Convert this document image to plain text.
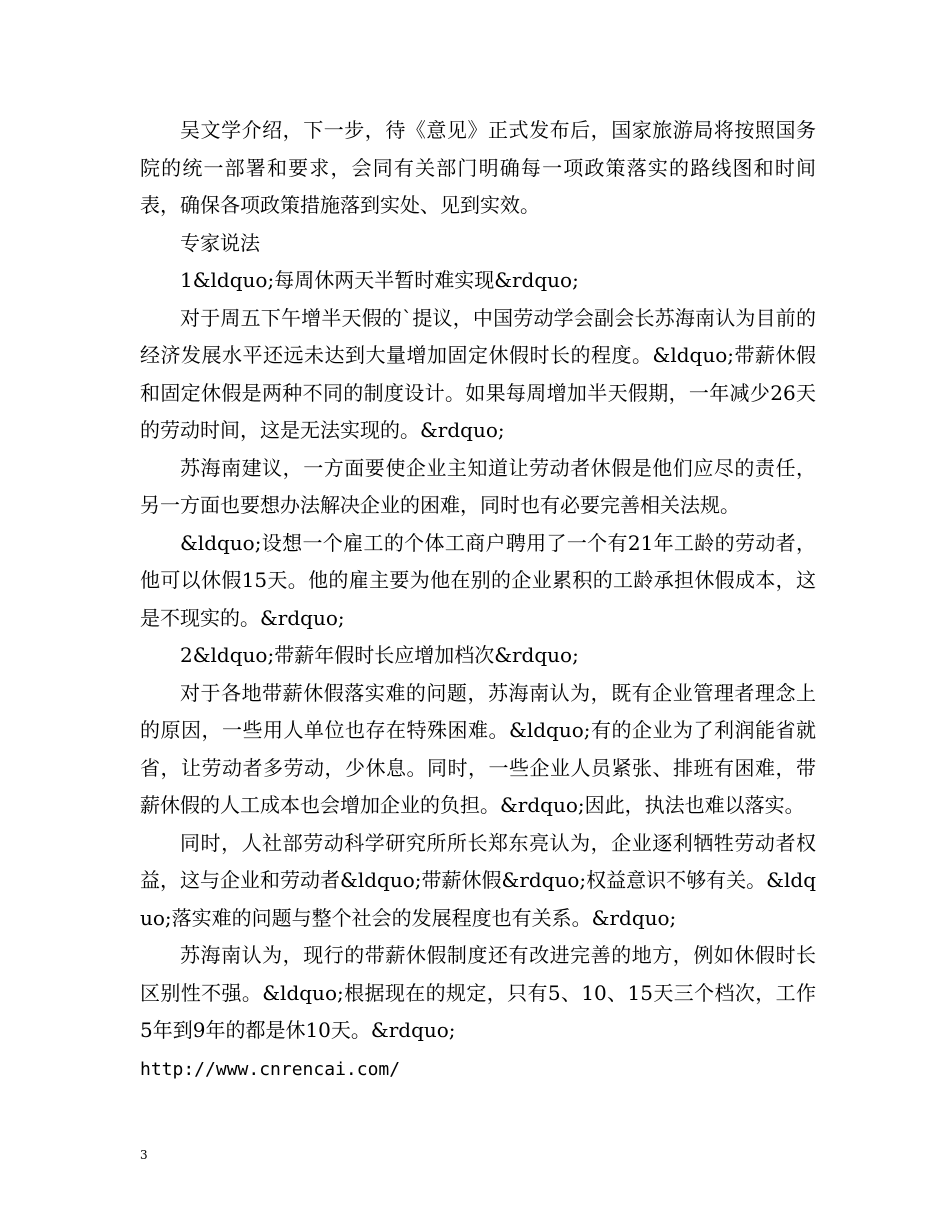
吴文学介绍，下一步，待《意见》正式发布后，国家旅游局将按照国务院的统一部署和要求，会同有关部门明确每一项政策落实的路线图和时间表，确保各项政策措施落到实处、见到实效。

专家说法

1&ldquo;每周休两天半暂时难实现&rdquo;

对于周五下午增半天假的`提议，中国劳动学会副会长苏海南认为目前的经济发展水平还远未达到大量增加固定休假时长的程度。&ldquo;带薪休假和固定休假是两种不同的制度设计。如果每周增加半天假期，一年减少26天的劳动时间，这是无法实现的。&rdquo;

苏海南建议，一方面要使企业主知道让劳动者休假是他们应尽的责任，另一方面也要想办法解决企业的困难，同时也有必要完善相关法规。

&ldquo;设想一个雇工的个体工商户聘用了一个有21年工龄的劳动者，他可以休假15天。他的雇主要为他在别的企业累积的工龄承担休假成本，这是不现实的。&rdquo;

2&ldquo;带薪年假时长应增加档次&rdquo;

对于各地带薪休假落实难的问题，苏海南认为，既有企业管理者理念上的原因，一些用人单位也存在特殊困难。&ldquo;有的企业为了利润能省就省，让劳动者多劳动，少休息。同时，一些企业人员紧张、排班有困难，带薪休假的人工成本也会增加企业的负担。&rdquo;因此，执法也难以落实。

同时，人社部劳动科学研究所所长郑东亮认为，企业逐利牺牲劳动者权益，这与企业和劳动者&ldquo;带薪休假&rdquo;权益意识不够有关。&ldquo;落实难的问题与整个社会的发展程度也有关系。&rdquo;

苏海南认为，现行的带薪休假制度还有改进完善的地方，例如休假时长区别性不强。&ldquo;根据现在的规定，只有5、10、15天三个档次，工作5年到9年的都是休10天。&rdquo;

http://www.cnrencai.com/

3
